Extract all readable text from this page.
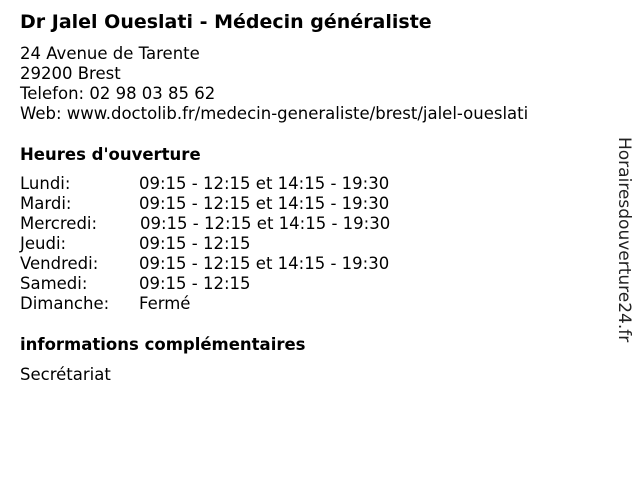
Dr Jalel Oueslati - Médecin généraliste
24 Avenue de Tarente
29200 Brest
Telefon: 02 98 03 85 62
Web: www.doctolib.fr/medecin-generaliste/brest/jalel-oueslati
Heures d'ouverture
Lundi:	09:15 - 12:15 et 14:15 - 19:30
Mardi:	09:15 - 12:15 et 14:15 - 19:30
Mercredi:	09:15 - 12:15 et 14:15 - 19:30
Jeudi:	09:15 - 12:15
Vendredi:	09:15 - 12:15 et 14:15 - 19:30
Samedi:	09:15 - 12:15
Dimanche:	Fermé
informations complémentaires
Secrétariat
Horairesdouverture24.fr
